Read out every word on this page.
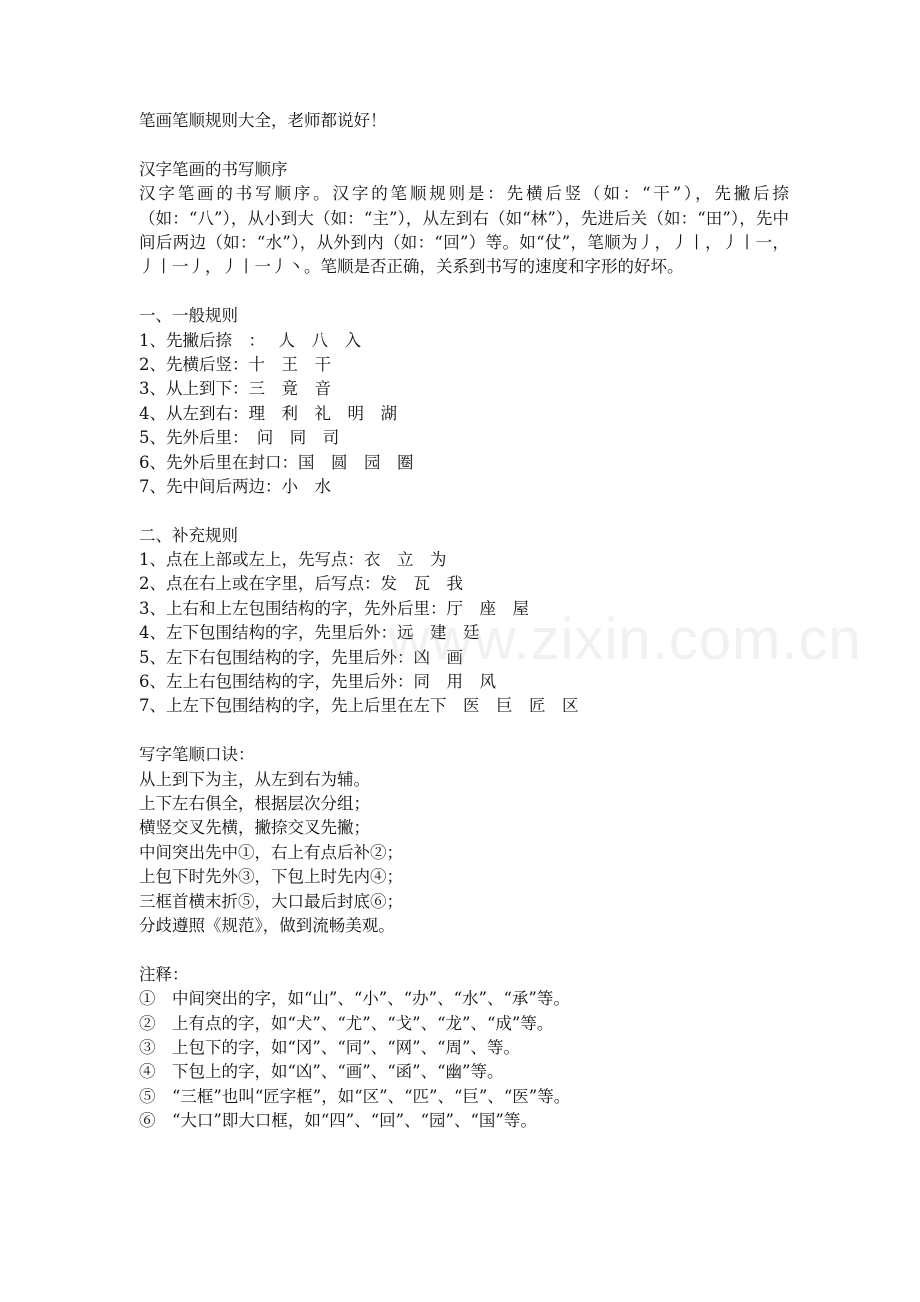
笔画笔顺规则大全，老师都说好！
汉字笔画的书写顺序

汉字笔画的书写顺序。汉字的笔顺规则是：先横后竖（如：“干”），先撇后捺（如：“八”），从小到大（如：“主”），从左到右（如“林”），先进后关（如：“田”），先中间后两边（如：“水”），从外到内（如：“回”）等。如“仗”，笔顺为丿，丿丨，丿丨一，丿丨一丿，丿丨一丿丶。笔顺是否正确，关系到书写的速度和字形的好坏。

一、一般规则
1、先撇后捺　：　 人　八　入
2、先横后竖：十　王　干
3、从上到下：三　竟　音
4、从左到右：理　利　礼　明　湖
5、先外后里：　问　同　司
6、先外后里在封口：国　圆　园　圈
7、先中间后两边：小　水
二、补充规则
1、点在上部或左上，先写点：衣　立　为
2、点在右上或在字里，后写点：发　瓦　我
3、上右和上左包围结构的字，先外后里：厅　座　屋
4、左下包围结构的字，先里后外：远　建　廷
5、左下右包围结构的字，先里后外：凶　画
6、左上右包围结构的字，先里后外：同　用　风
7、上左下包围结构的字，先上后里在左下　医　巨　匠　区
写字笔顺口诀：
从上到下为主，从左到右为辅。
上下左右俱全，根据层次分组；
横竖交叉先横，撇捺交叉先撇；
中间突出先中①，右上有点后补②；
上包下时先外③，下包上时先内④；
三框首横末折⑤，大口最后封底⑥；
分歧遵照《规范》，做到流畅美观。
注释：
①　中间突出的字，如“山”、“小”、“办”、“水”、“承”等。
②　上有点的字，如“犬”、“尤”、“戈”、“龙”、“成”等。
③　上包下的字，如“冈”、“同”、“网”、“周”、等。
④　下包上的字，如“凶”、“画”、“函”、“幽”等。
⑤　“三框”也叫“匠字框”，如“区”、“匹”、“巨”、“医”等。
⑥　“大口”即大口框，如“四”、“回”、“园”、“国”等。
www.zixin.com.cn
